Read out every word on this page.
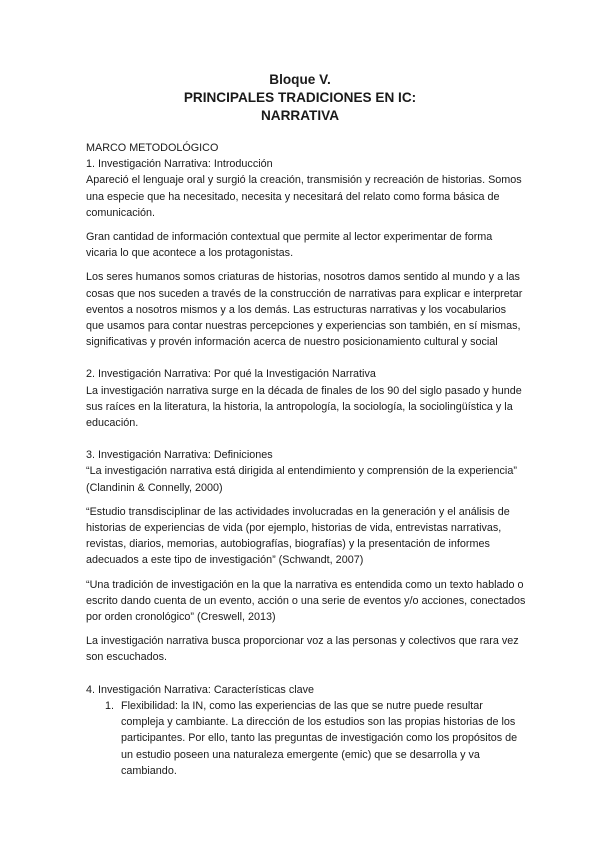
Bloque V.
PRINCIPALES TRADICIONES EN IC:
NARRATIVA

MARCO METODOLÓGICO

1. Investigación Narrativa: Introducción

Apareció el lenguaje oral y surgió la creación, transmisión y recreación de historias. Somos una especie que ha necesitado, necesita y necesitará del relato como forma básica de comunicación.

Gran cantidad de información contextual que permite al lector experimentar de forma vicaria lo que acontece a los protagonistas.

Los seres humanos somos criaturas de historias, nosotros damos sentido al mundo y a las cosas que nos suceden a través de la construcción de narrativas para explicar e interpretar eventos a nosotros mismos y a los demás. Las estructuras narrativas y los vocabularios que usamos para contar nuestras percepciones y experiencias son también, en sí mismas, significativas y provén información acerca de nuestro posicionamiento cultural y social

2. Investigación Narrativa: Por qué la Investigación Narrativa

La investigación narrativa surge en la década de finales de los 90 del siglo pasado y hunde sus raíces en la literatura, la historia, la antropología, la sociología, la sociolingüística y la educación.

3. Investigación Narrativa: Definiciones

“La investigación narrativa está dirigida al entendimiento y comprensión de la experiencia” (Clandinin & Connelly, 2000)

“Estudio transdisciplinar de las actividades involucradas en la generación y el análisis de historias de experiencias de vida (por ejemplo, historias de vida, entrevistas narrativas, revistas, diarios, memorias, autobiografías, biografías) y la presentación de informes adecuados a este tipo de investigación” (Schwandt, 2007)

“Una tradición de investigación en la que la narrativa es entendida como un texto hablado o escrito dando cuenta de un evento, acción o una serie de eventos y/o acciones, conectados por orden cronológico” (Creswell, 2013)

La investigación narrativa busca proporcionar voz a las personas y colectivos que rara vez son escuchados.

4. Investigación Narrativa: Características clave

1. Flexibilidad: la IN, como las experiencias de las que se nutre puede resultar compleja y cambiante. La dirección de los estudios son las propias historias de los participantes. Por ello, tanto las preguntas de investigación como los propósitos de un estudio poseen una naturaleza emergente (emic) que se desarrolla y va cambiando.
